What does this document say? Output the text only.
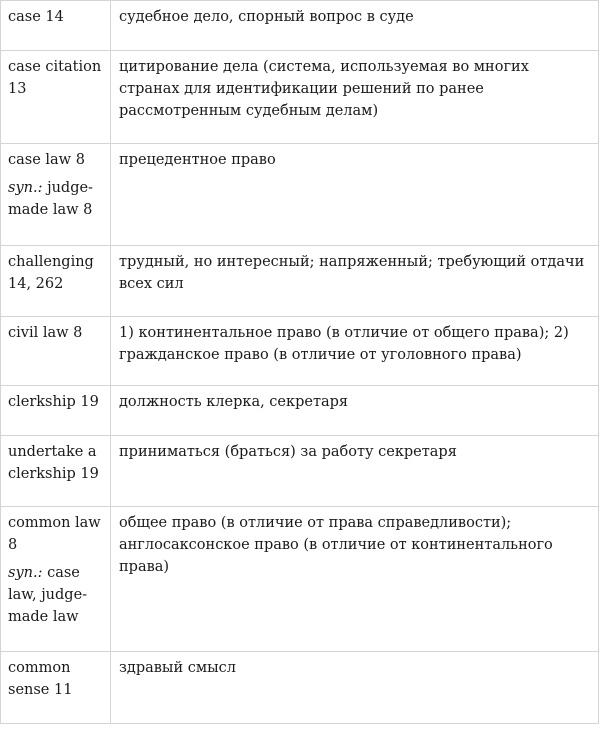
case 14	судебное дело, спорный вопрос в суде
case citation 13	цитирование дела (система, используемая во многих странах для идентификации решений по ранее рассмотренным судебным делам)

case law 8
syn.: judge-made law 8	прецедентное право
challenging 14, 262	трудный, но интересный; напряженный; требующий отдачи всех сил
civil law 8	1) континентальное право (в отличие от общего права); 2) гражданское право (в отличие от уголовного права)
clerkship 19	должность клерка, секретаря
undertake a clerkship 19	приниматься (браться) за работу секретаря

common law 8
syn.: case law, judge-made law	общее право (в отличие от права справедливости); англосаксонское право (в отличие от континентального права)
common sense 11	здравый смысл
